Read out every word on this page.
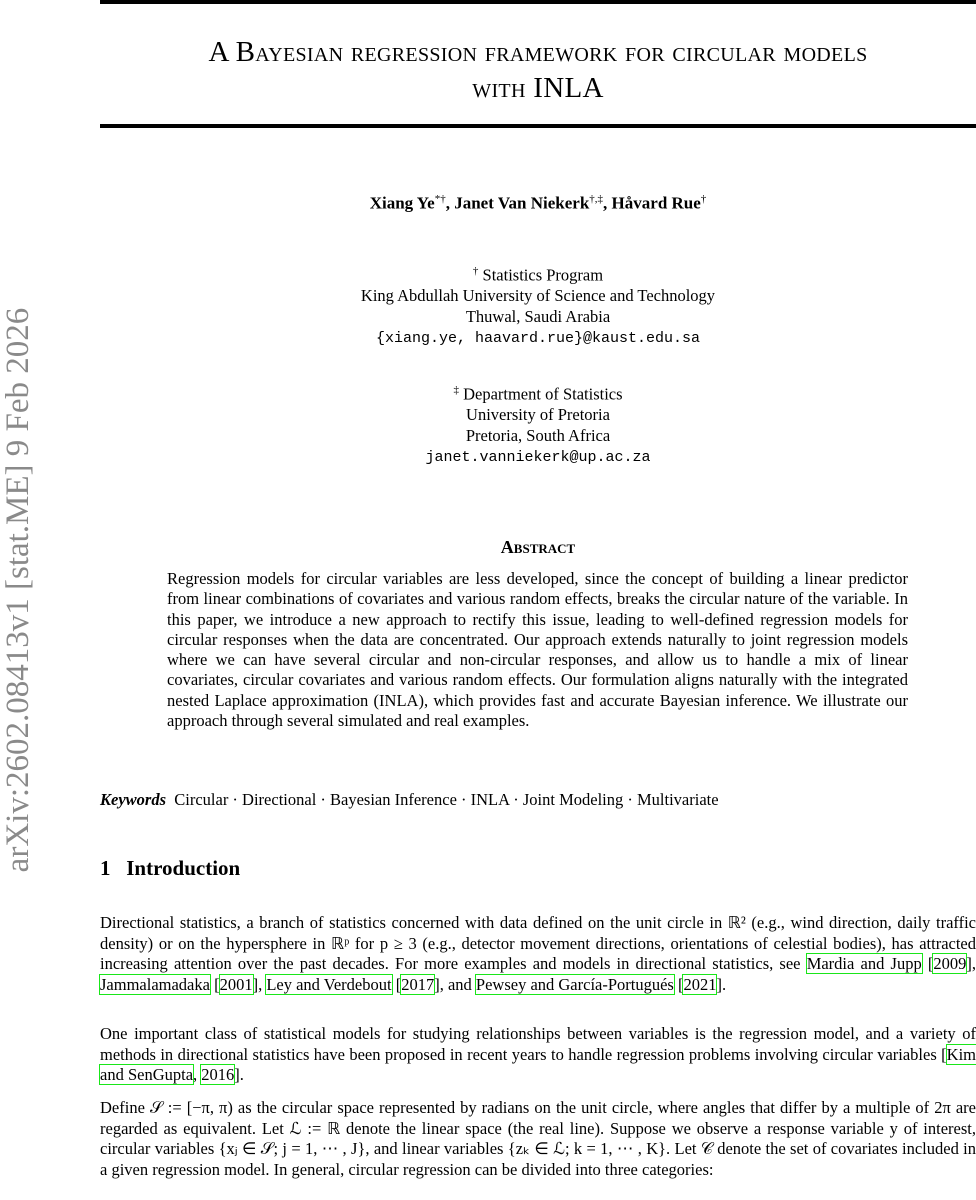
arXiv:2602.08413v1 [stat.ME] 9 Feb 2026
A Bayesian regression framework for circular models
with INLA
Xiang Ye*†, Janet Van Niekerk†,‡, Håvard Rue†
† Statistics Program
King Abdullah University of Science and Technology
Thuwal, Saudi Arabia
{xiang.ye, haavard.rue}@kaust.edu.sa
‡ Department of Statistics
University of Pretoria
Pretoria, South Africa
janet.vanniekerk@up.ac.za
Abstract
Regression models for circular variables are less developed, since the concept of building a linear predictor from linear combinations of covariates and various random effects, breaks the circular nature of the variable. In this paper, we introduce a new approach to rectify this issue, leading to well-defined regression models for circular responses when the data are concentrated. Our approach extends naturally to joint regression models where we can have several circular and non-circular responses, and allow us to handle a mix of linear covariates, circular covariates and various random effects. Our formulation aligns naturally with the integrated nested Laplace approximation (INLA), which provides fast and accurate Bayesian inference. We illustrate our approach through several simulated and real examples.
Keywords Circular · Directional · Bayesian Inference · INLA · Joint Modeling · Multivariate
1 Introduction
Directional statistics, a branch of statistics concerned with data defined on the unit circle in ℝ² (e.g., wind direction, daily traffic density) or on the hypersphere in ℝᵖ for p ≥ 3 (e.g., detector movement directions, orientations of celestial bodies), has attracted increasing attention over the past decades. For more examples and models in directional statistics, see Mardia and Jupp [2009], Jammalamadaka [2001], Ley and Verdebout [2017], and Pewsey and García-Portugués [2021].
One important class of statistical models for studying relationships between variables is the regression model, and a variety of methods in directional statistics have been proposed in recent years to handle regression problems involving circular variables [Kim and SenGupta, 2016].
Define 𝒮 := [−π, π) as the circular space represented by radians on the unit circle, where angles that differ by a multiple of 2π are regarded as equivalent. Let ℒ := ℝ denote the linear space (the real line). Suppose we observe a response variable y of interest, circular variables {xⱼ ∈ 𝒮; j = 1, ⋯ , J}, and linear variables {zₖ ∈ ℒ; k = 1, ⋯ , K}. Let 𝒞 denote the set of covariates included in a given regression model. In general, circular regression can be divided into three categories:
